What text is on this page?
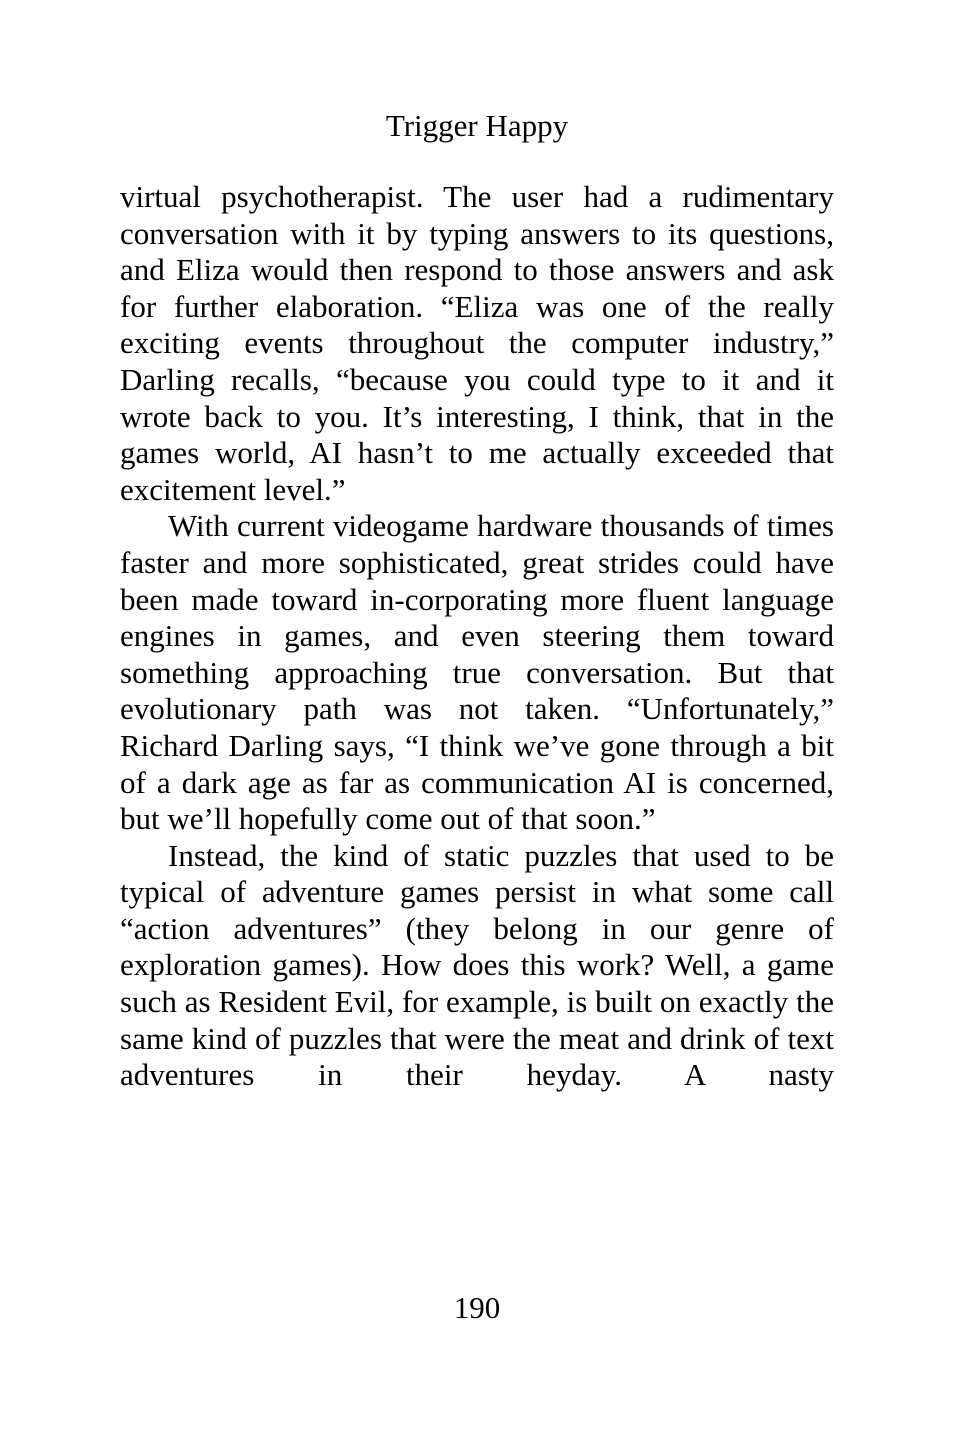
Trigger Happy

virtual psychotherapist. The user had a rudimentary conversation with it by typing answers to its questions, and Eliza would then respond to those answers and ask for further elaboration. “Eliza was one of the really exciting events throughout the computer industry,” Darling recalls, “because you could type to it and it wrote back to you. It’s interesting, I think, that in the games world, AI hasn’t to me actually exceeded that excitement level.”

With current videogame hardware thousands of times faster and more sophisticated, great strides could have been made toward in-corporating more fluent language engines in games, and even steering them toward something approaching true conversation. But that evolutionary path was not taken. “Unfortunately,” Richard Darling says, “I think we’ve gone through a bit of a dark age as far as communication AI is concerned, but we’ll hopefully come out of that soon.”

Instead, the kind of static puzzles that used to be typical of adventure games persist in what some call “action adventures” (they belong in our genre of exploration games). How does this work? Well, a game such as Resident Evil, for example, is built on exactly the same kind of puzzles that were the meat and drink of text adventures in their heyday. A nasty

190
